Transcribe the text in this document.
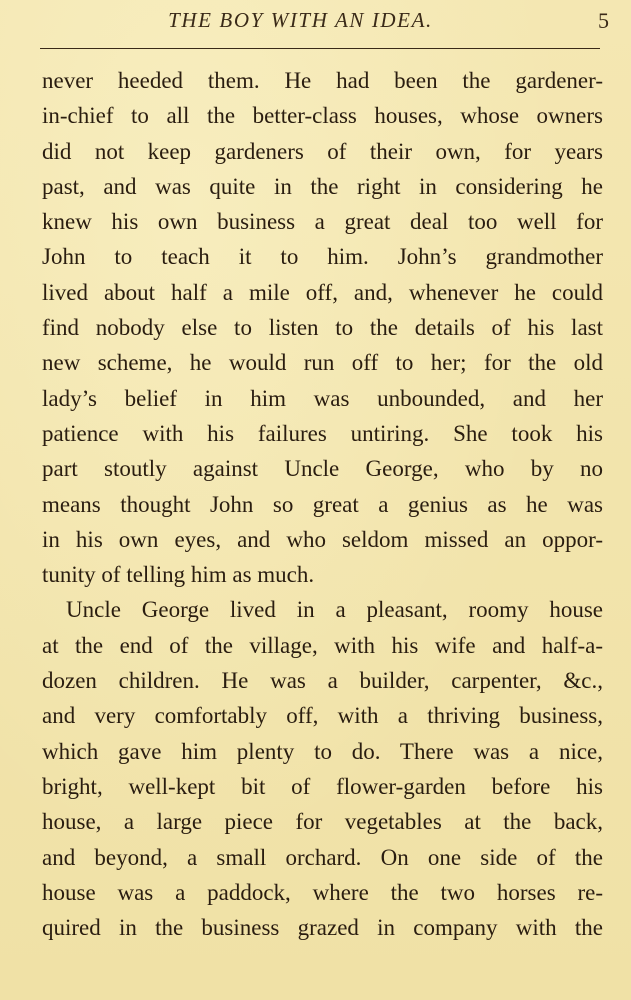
THE BOY WITH AN IDEA.	5
never heeded them. He had been the gardener-
in-chief to all the better-class houses, whose owners
did not keep gardeners of their own, for years
past, and was quite in the right in considering he
knew his own business a great deal too well for
John to teach it to him. John’s grandmother
lived about half a mile off, and, whenever he could
find nobody else to listen to the details of his last
new scheme, he would run off to her; for the old
lady’s belief in him was unbounded, and her
patience with his failures untiring. She took his
part stoutly against Uncle George, who by no
means thought John so great a genius as he was
in his own eyes, and who seldom missed an oppor-
tunity of telling him as much.
Uncle George lived in a pleasant, roomy house
at the end of the village, with his wife and half-a-
dozen children. He was a builder, carpenter, &c.,
and very comfortably off, with a thriving business,
which gave him plenty to do. There was a nice,
bright, well-kept bit of flower-garden before his
house, a large piece for vegetables at the back,
and beyond, a small orchard. On one side of the
house was a paddock, where the two horses re-
quired in the business grazed in company with the
